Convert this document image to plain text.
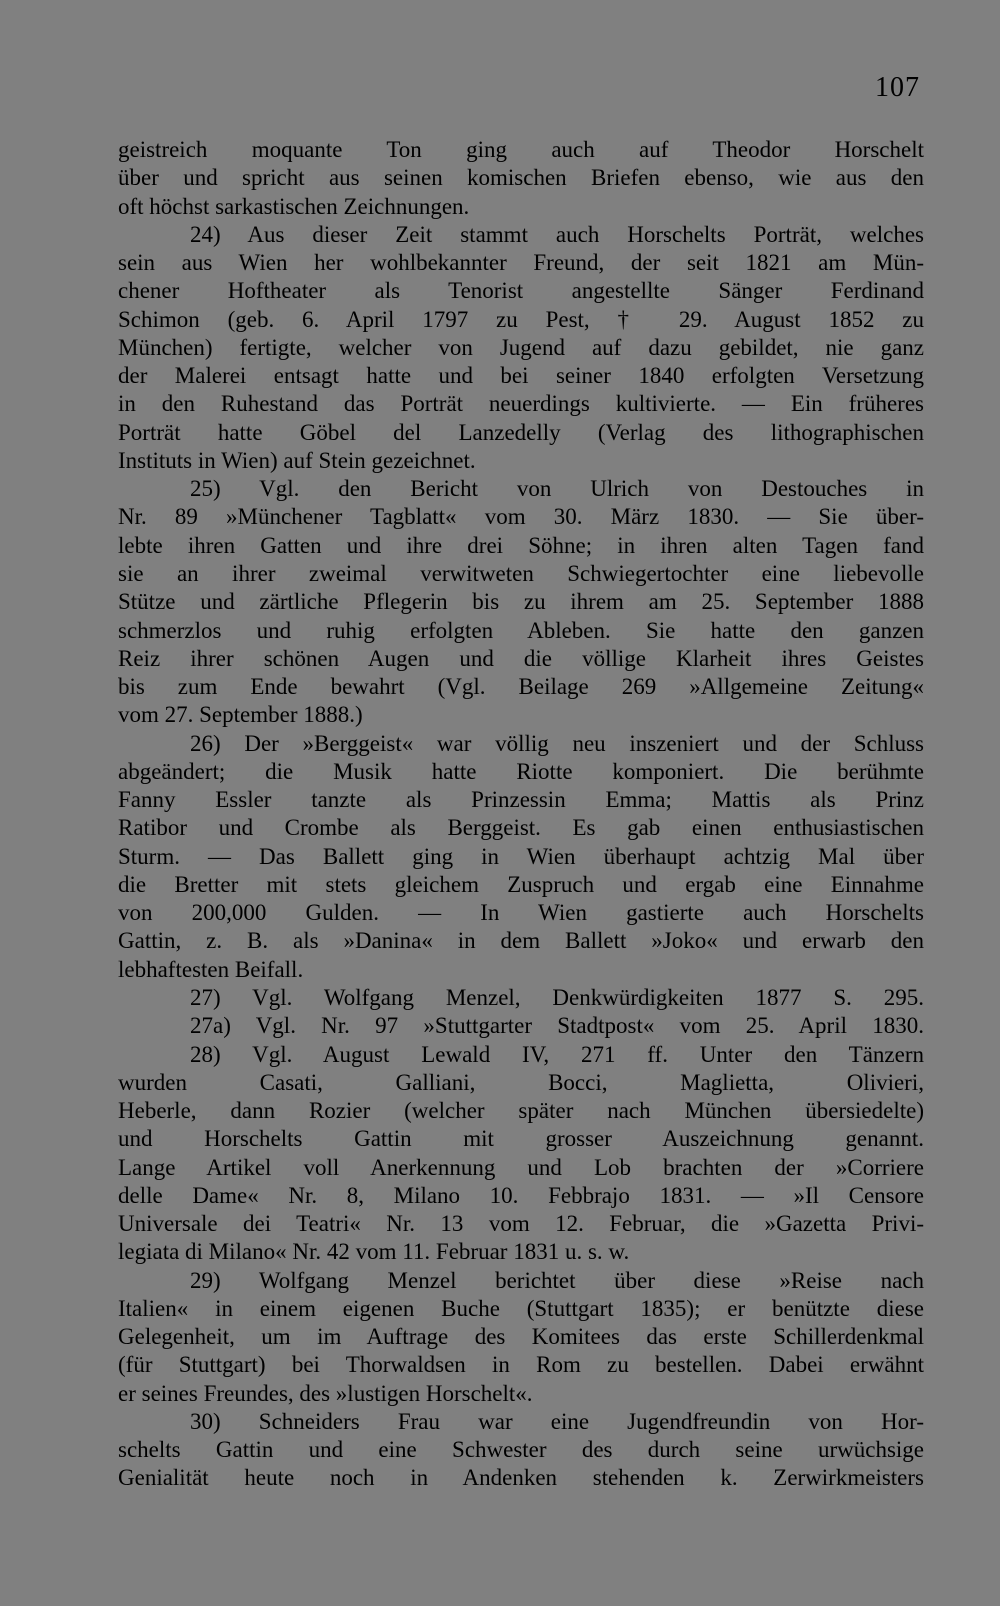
107
geistreich moquante Ton ging auch auf Theodor Horschelt
über und spricht aus seinen komischen Briefen ebenso, wie aus den
oft höchst sarkastischen Zeichnungen.
24) Aus dieser Zeit stammt auch Horschelts Porträt, welches
sein aus Wien her wohlbekannter Freund, der seit 1821 am Mün-
chener Hoftheater als Tenorist angestellte Sänger Ferdinand
Schimon (geb. 6. April 1797 zu Pest, † 29. August 1852 zu
München) fertigte, welcher von Jugend auf dazu gebildet, nie ganz
der Malerei entsagt hatte und bei seiner 1840 erfolgten Versetzung
in den Ruhestand das Porträt neuerdings kultivierte. — Ein früheres
Porträt hatte Göbel del Lanzedelly (Verlag des lithographischen
Instituts in Wien) auf Stein gezeichnet.
25) Vgl. den Bericht von Ulrich von Destouches in
Nr. 89 »Münchener Tagblatt« vom 30. März 1830. — Sie über-
lebte ihren Gatten und ihre drei Söhne; in ihren alten Tagen fand
sie an ihrer zweimal verwitweten Schwiegertochter eine liebevolle
Stütze und zärtliche Pflegerin bis zu ihrem am 25. September 1888
schmerzlos und ruhig erfolgten Ableben. Sie hatte den ganzen
Reiz ihrer schönen Augen und die völlige Klarheit ihres Geistes
bis zum Ende bewahrt (Vgl. Beilage 269 »Allgemeine Zeitung«
vom 27. September 1888.)
26) Der »Berggeist« war völlig neu inszeniert und der Schluss
abgeändert; die Musik hatte Riotte komponiert. Die berühmte
Fanny Essler tanzte als Prinzessin Emma; Mattis als Prinz
Ratibor und Crombe als Berggeist. Es gab einen enthusiastischen
Sturm. — Das Ballett ging in Wien überhaupt achtzig Mal über
die Bretter mit stets gleichem Zuspruch und ergab eine Einnahme
von 200,000 Gulden. — In Wien gastierte auch Horschelts
Gattin, z. B. als »Danina« in dem Ballett »Joko« und erwarb den
lebhaftesten Beifall.
27) Vgl. Wolfgang Menzel, Denkwürdigkeiten 1877 S. 295.
27a) Vgl. Nr. 97 »Stuttgarter Stadtpost« vom 25. April 1830.
28) Vgl. August Lewald IV, 271 ff. Unter den Tänzern
wurden Casati, Galliani, Bocci, Maglietta, Olivieri,
Heberle, dann Rozier (welcher später nach München übersiedelte)
und Horschelts Gattin mit grosser Auszeichnung genannt.
Lange Artikel voll Anerkennung und Lob brachten der »Corriere
delle Dame« Nr. 8, Milano 10. Febbrajo 1831. — »Il Censore
Universale dei Teatri« Nr. 13 vom 12. Februar, die »Gazetta Privi-
legiata di Milano« Nr. 42 vom 11. Februar 1831 u. s. w.
29) Wolfgang Menzel berichtet über diese »Reise nach
Italien« in einem eigenen Buche (Stuttgart 1835); er benützte diese
Gelegenheit, um im Auftrage des Komitees das erste Schillerdenkmal
(für Stuttgart) bei Thorwaldsen in Rom zu bestellen. Dabei erwähnt
er seines Freundes, des »lustigen Horschelt«.
30) Schneiders Frau war eine Jugendfreundin von Hor-
schelts Gattin und eine Schwester des durch seine urwüchsige
Genialität heute noch in Andenken stehenden k. Zerwirkmeisters
